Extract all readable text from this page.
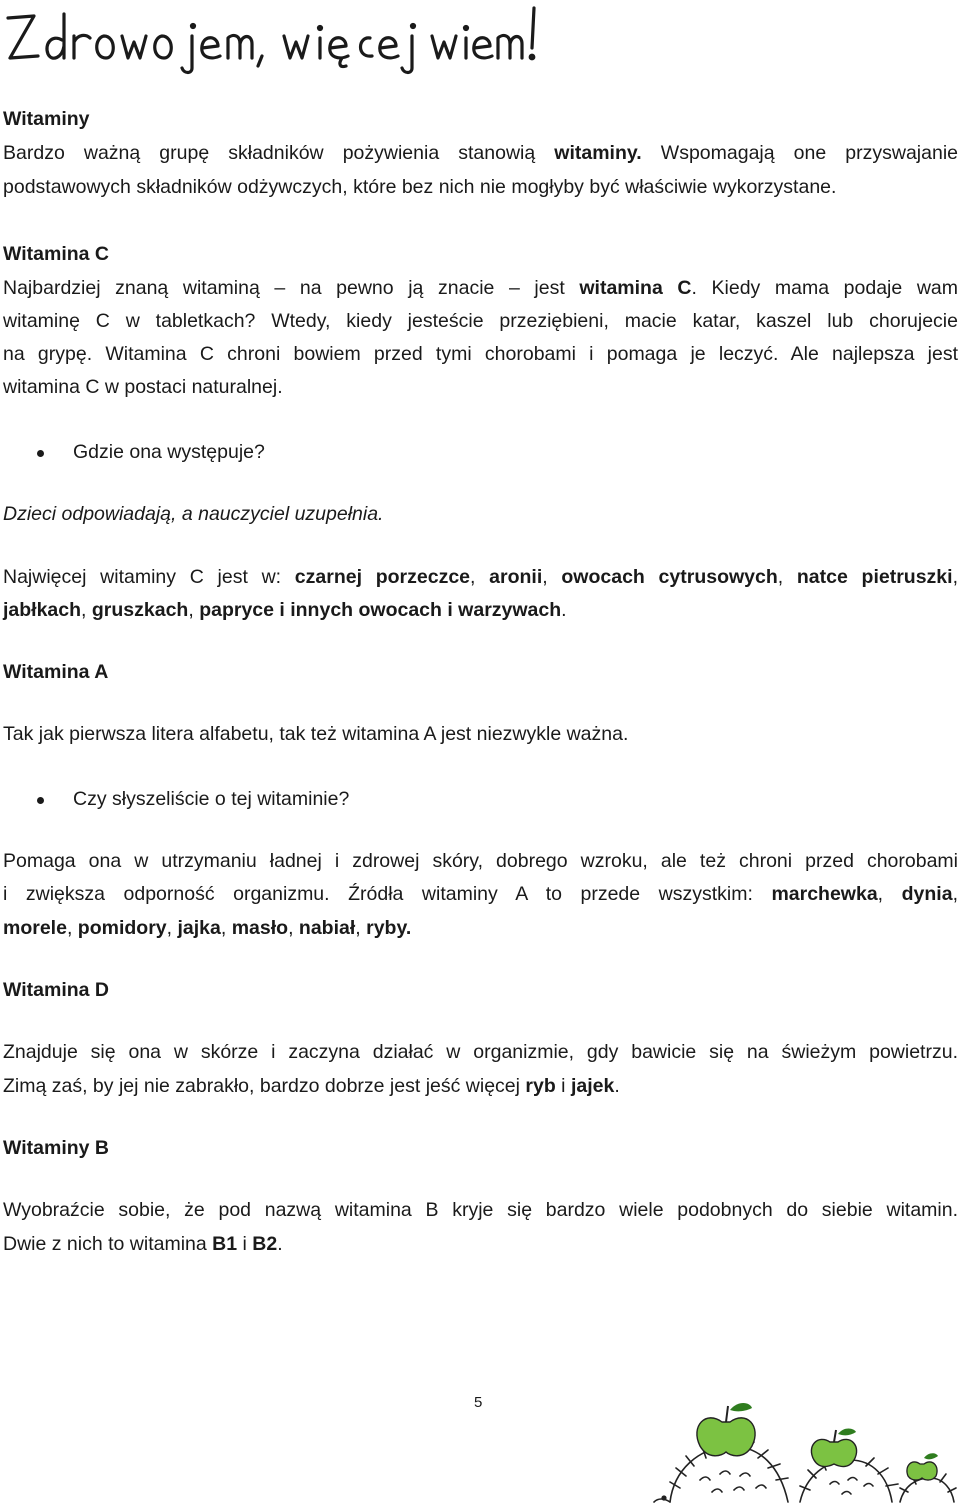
Witaminy
Bardzo ważną grupę składników pożywienia stanowią witaminy. Wspomagają one przyswajanie
podstawowych składników odżywczych, które bez nich nie mogłyby być właściwie wykorzystane.
Witamina C
Najbardziej znaną witaminą – na pewno ją znacie – jest witamina C. Kiedy mama podaje wam
witaminę C w tabletkach? Wtedy, kiedy jesteście przeziębieni, macie katar, kaszel lub chorujecie
na grypę. Witamina C chroni bowiem przed tymi chorobami i pomaga je leczyć. Ale najlepsza jest
witamina C w postaci naturalnej.
Gdzie ona występuje?
Dzieci odpowiadają, a nauczyciel uzupełnia.
Najwięcej witaminy C jest w: czarnej porzeczce, aronii, owocach cytrusowych, natce pietruszki,
jabłkach, gruszkach, papryce i innych owocach i warzywach.
Witamina A
Tak jak pierwsza litera alfabetu, tak też witamina A jest niezwykle ważna.
Czy słyszeliście o tej witaminie?
Pomaga ona w utrzymaniu ładnej i zdrowej skóry, dobrego wzroku, ale też chroni przed chorobami
i zwiększa odporność organizmu. Źródła witaminy A to przede wszystkim: marchewka, dynia,
morele, pomidory, jajka, masło, nabiał, ryby.
Witamina D
Znajduje się ona w skórze i zaczyna działać w organizmie, gdy bawicie się na świeżym powietrzu.
Zimą zaś, by jej nie zabrakło, bardzo dobrze jest jeść więcej ryb i jajek.
Witaminy B
Wyobraźcie sobie, że pod nazwą witamina B kryje się bardzo wiele podobnych do siebie witamin.
Dwie z nich to witamina B1 i B2.
5
